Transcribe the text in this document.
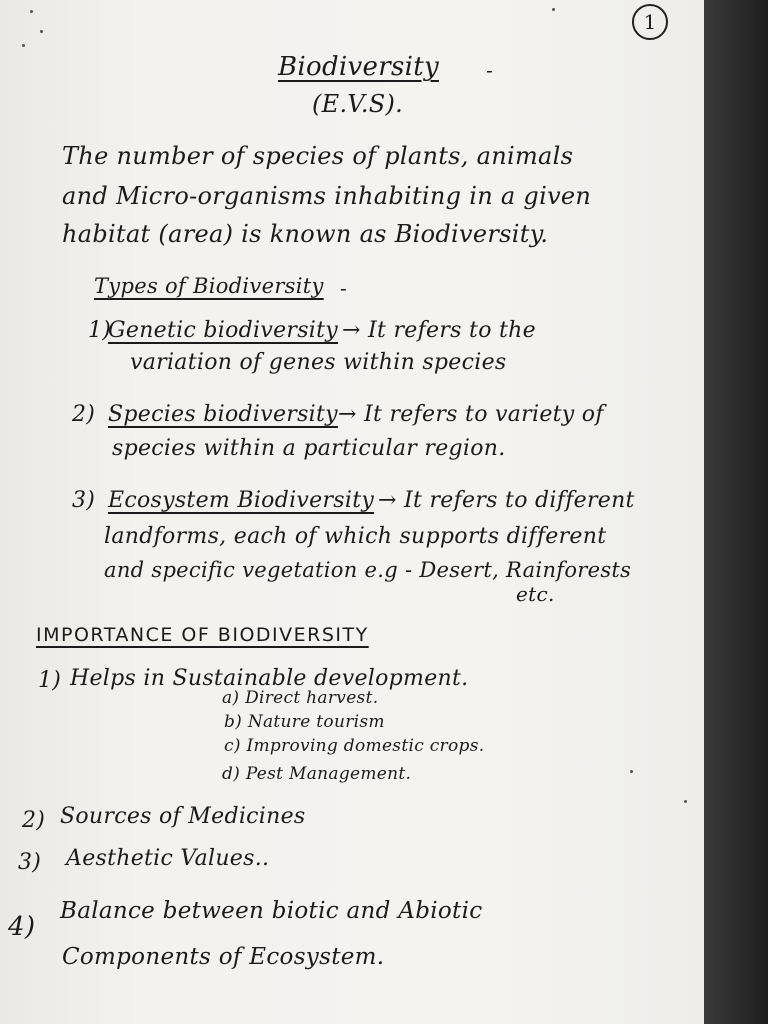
1
Biodiversity -
(E.V.S).
The number of species of plants, animals
and Micro-organisms inhabiting in a given
habitat (area) is known as Biodiversity.
Types of Biodiversity -
1)
Genetic biodiversity → It refers to the
variation of genes within species
2) Species biodiversity → It refers to variety of
species within a particular region.
3) Ecosystem Biodiversity → It refers to different
landforms, each of which supports different
and specific vegetation e.g - Desert, Rainforests
etc.
IMPORTANCE OF BIODIVERSITY
1) Helps in Sustainable development.
a) Direct harvest.
b) Nature tourism
c) Improving domestic crops.
d) Pest Management.
2) Sources of Medicines
3) Aesthetic Values..
4)
Balance between biotic and Abiotic
Components of Ecosystem.
